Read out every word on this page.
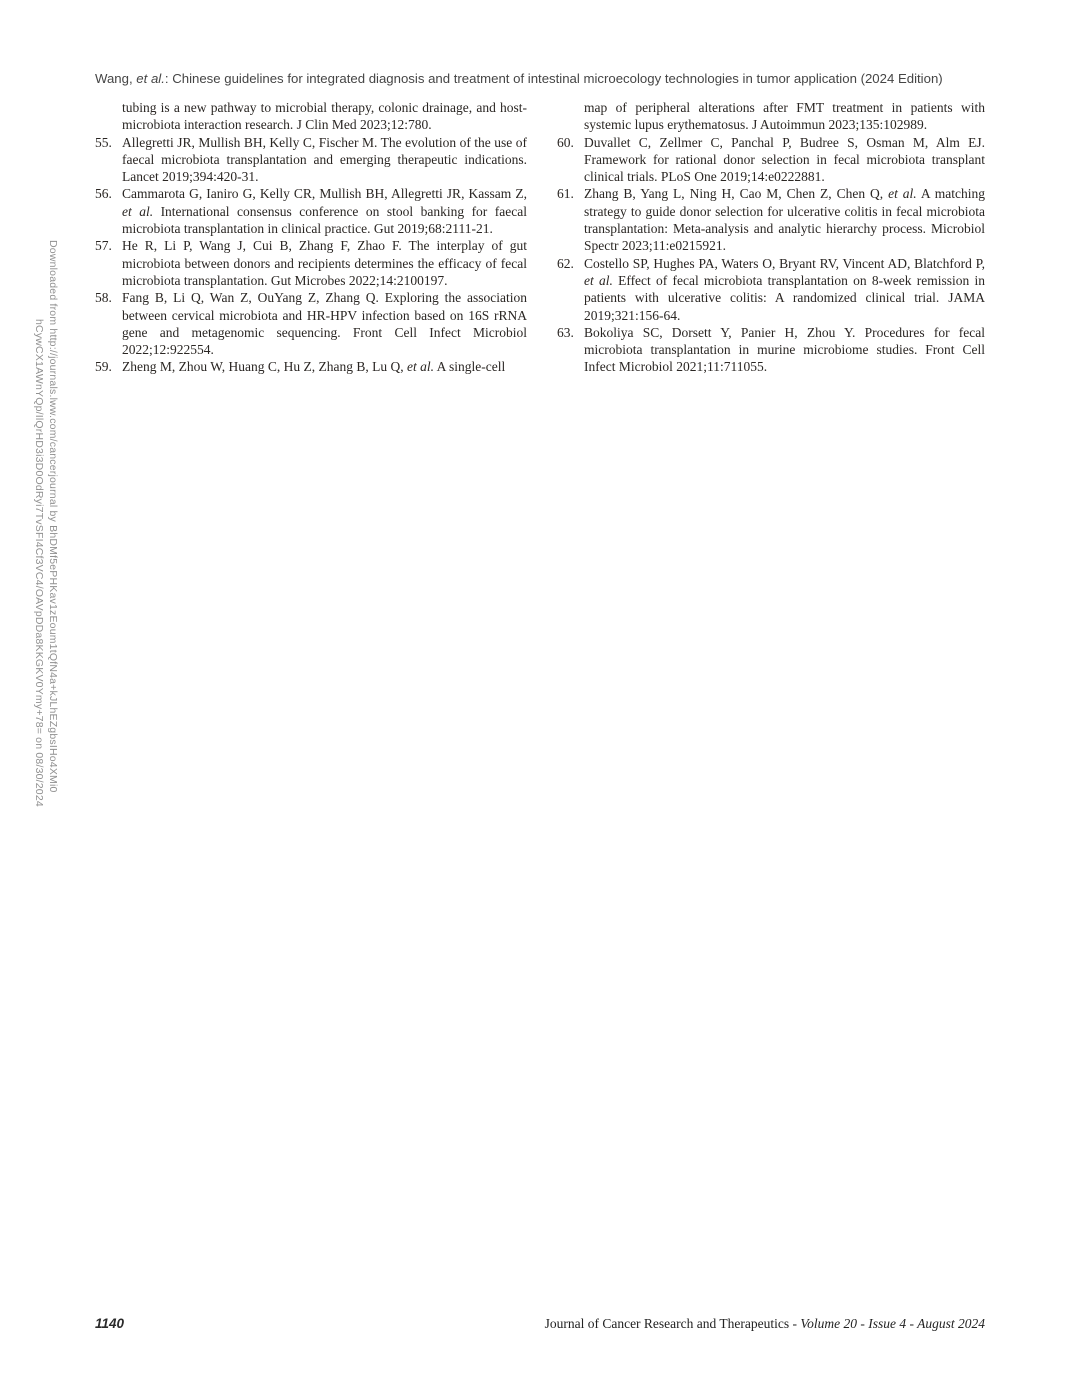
Downloaded from http://journals.lww.com/cancerjournal by BhDMf5ePHKav1zEoum1tQfN4a+kJLhEZgbsIHo4XMi0
hCywCX1AWnYQp/IlQrHD3i3D0OdRyi7TvSFI4Cf3VC4/OAVpDDa8KKGKV0Ymy+78= on 08/30/2024
Wang, et al.: Chinese guidelines for integrated diagnosis and treatment of intestinal microecology technologies in tumor application (2024 Edition)
tubing is a new pathway to microbial therapy, colonic drainage, and host-microbiota interaction research. J Clin Med 2023;12:780.
55. Allegretti JR, Mullish BH, Kelly C, Fischer M. The evolution of the use of faecal microbiota transplantation and emerging therapeutic indications. Lancet 2019;394:420-31.
56. Cammarota G, Ianiro G, Kelly CR, Mullish BH, Allegretti JR, Kassam Z, et al. International consensus conference on stool banking for faecal microbiota transplantation in clinical practice. Gut 2019;68:2111-21.
57. He R, Li P, Wang J, Cui B, Zhang F, Zhao F. The interplay of gut microbiota between donors and recipients determines the efficacy of fecal microbiota transplantation. Gut Microbes 2022;14:2100197.
58. Fang B, Li Q, Wan Z, OuYang Z, Zhang Q. Exploring the association between cervical microbiota and HR-HPV infection based on 16S rRNA gene and metagenomic sequencing. Front Cell Infect Microbiol 2022;12:922554.
59. Zheng M, Zhou W, Huang C, Hu Z, Zhang B, Lu Q, et al. A single-cell
map of peripheral alterations after FMT treatment in patients with systemic lupus erythematosus. J Autoimmun 2023;135:102989.
60. Duvallet C, Zellmer C, Panchal P, Budree S, Osman M, Alm EJ. Framework for rational donor selection in fecal microbiota transplant clinical trials. PLoS One 2019;14:e0222881.
61. Zhang B, Yang L, Ning H, Cao M, Chen Z, Chen Q, et al. A matching strategy to guide donor selection for ulcerative colitis in fecal microbiota transplantation: Meta-analysis and analytic hierarchy process. Microbiol Spectr 2023;11:e0215921.
62. Costello SP, Hughes PA, Waters O, Bryant RV, Vincent AD, Blatchford P, et al. Effect of fecal microbiota transplantation on 8-week remission in patients with ulcerative colitis: A randomized clinical trial. JAMA 2019;321:156-64.
63. Bokoliya SC, Dorsett Y, Panier H, Zhou Y. Procedures for fecal microbiota transplantation in murine microbiome studies. Front Cell Infect Microbiol 2021;11:711055.
1140	Journal of Cancer Research and Therapeutics - Volume 20 - Issue 4 - August 2024
